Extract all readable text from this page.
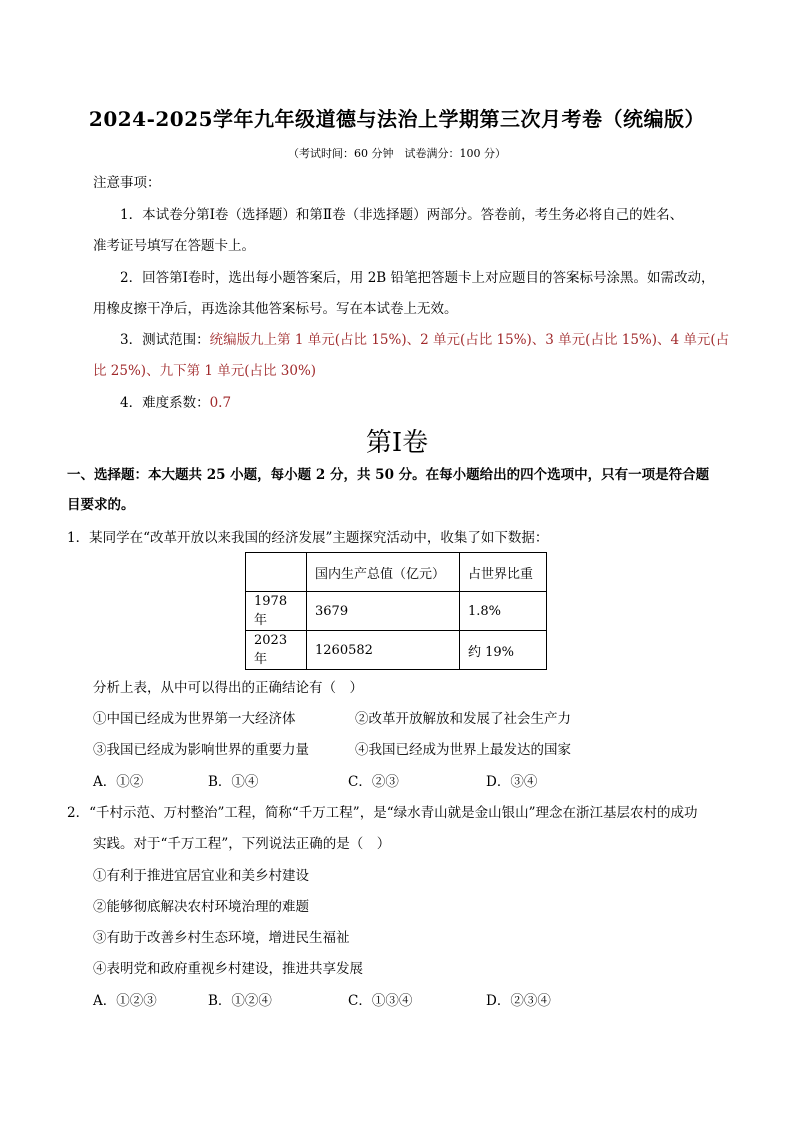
2024-2025学年九年级道德与法治上学期第三次月考卷（统编版）
（考试时间：60 分钟　试卷满分：100 分）
注意事项：
1．本试卷分第Ⅰ卷（选择题）和第Ⅱ卷（非选择题）两部分。答卷前，考生务必将自己的姓名、
准考证号填写在答题卡上。
2．回答第Ⅰ卷时，选出每小题答案后，用 2B 铅笔把答题卡上对应题目的答案标号涂黑。如需改动，
用橡皮擦干净后，再选涂其他答案标号。写在本试卷上无效。
3．测试范围：统编版九上第 1 单元(占比 15%)、2 单元(占比 15%)、3 单元(占比 15%)、4 单元(占
比 25%)、九下第 1 单元(占比 30%)
4．难度系数：0.7
第Ⅰ卷
一、选择题：本大题共 25 小题，每小题 2 分，共 50 分。在每小题给出的四个选项中，只有一项是符合题
目要求的。
1．某同学在“改革开放以来我国的经济发展”主题探究活动中，收集了如下数据：
	国内生产总值（亿元）	占世界比重
1978 年	3679	1.8%
2023 年	1260582	约 19%
分析上表，从中可以得出的正确结论有（　）
①中国已经成为世界第一大经济体	②改革开放解放和发展了社会生产力
③我国已经成为影响世界的重要力量	④我国已经成为世界上最发达的国家
A．①②	B．①④	C．②③	D．③④
2．“千村示范、万村整治”工程，简称“千万工程”，是“绿水青山就是金山银山”理念在浙江基层农村的成功
实践。对于“千万工程”，下列说法正确的是（　）
①有利于推进宜居宜业和美乡村建设
②能够彻底解决农村环境治理的难题
③有助于改善乡村生态环境，增进民生福祉
④表明党和政府重视乡村建设，推进共享发展
A．①②③	B．①②④	C．①③④	D．②③④
